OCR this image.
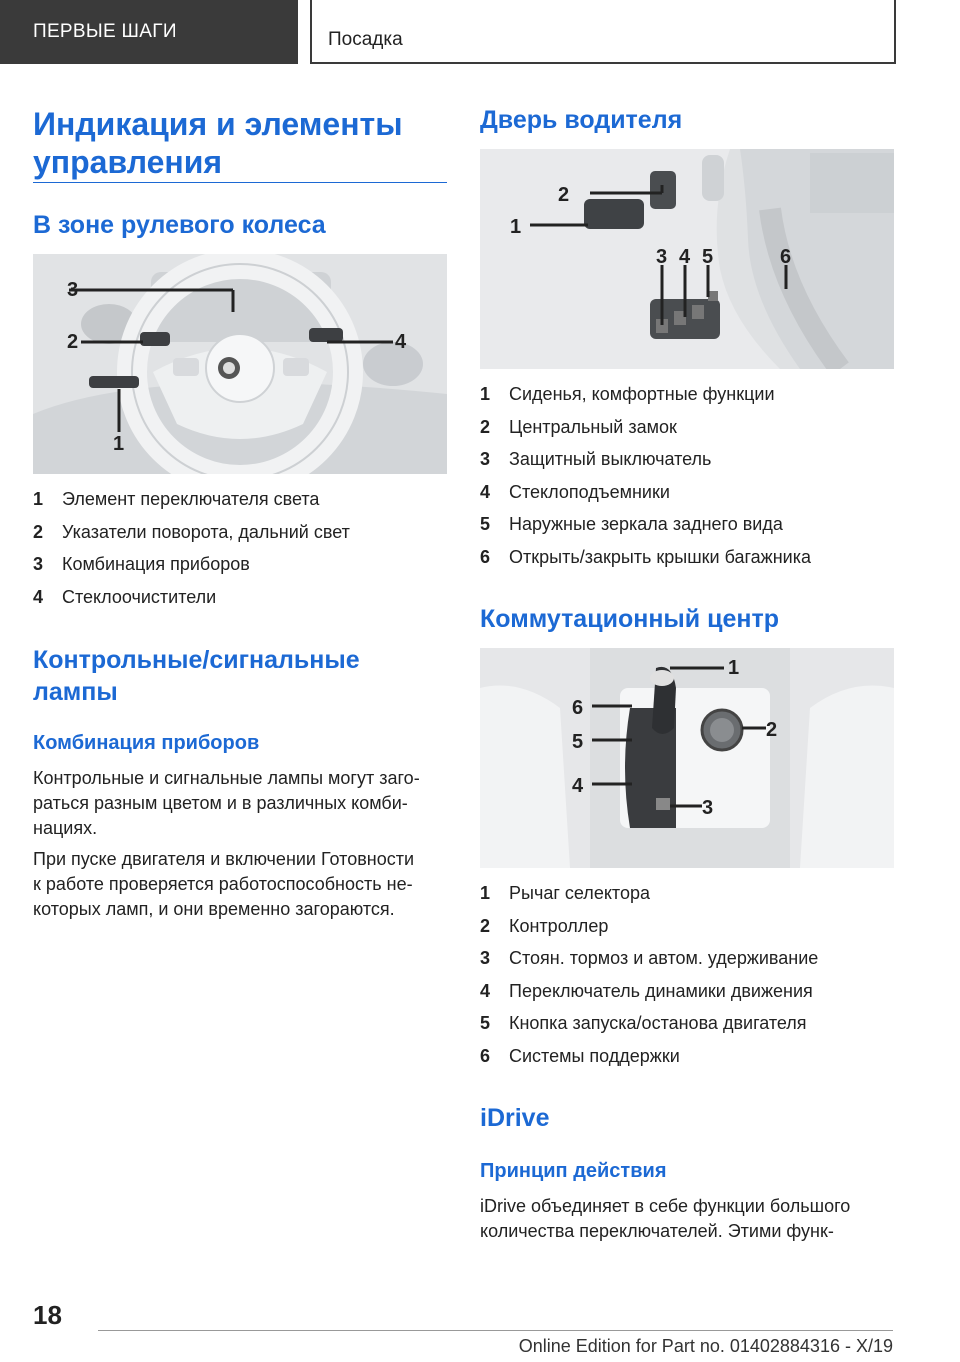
ПЕРВЫЕ ШАГИ	Посадка
Индикация и элементы
управления
В зоне рулевого колеса
3
2	4
1
1	Элемент переключателя света
2	Указатели поворота, дальний свет
3	Комбинация приборов
4	Стеклоочистители
Контрольные/сигнальные
лампы
Комбинация приборов

Контрольные и сигнальные лампы могут заго‐
раться разным цветом и в различных комби‐
нациях.

При пуске двигателя и включении Готовности
к работе проверяется работоспособность не‐
которых ламп, и они временно загораются.

Дверь водителя
1
2
3 4 5	6
1	Сиденья, комфортные функции
2	Центральный замок
3	Защитный выключатель
4	Стеклоподъемники
5	Наружные зеркала заднего вида
6	Открыть/закрыть крышки багажника
Коммутационный центр
1
2
3
4
5
6
1	Рычаг селектора
2	Контроллер
3	Стоян. тормоз и автом. удерживание
4	Переключатель динамики движения
5	Кнопка запуска/останова двигателя
6	Системы поддержки
iDrive
Принцип действия

iDrive объединяет в себе функции большого
количества переключателей. Этими функ‐

18
Online Edition for Part no. 01402884316 - X/19
